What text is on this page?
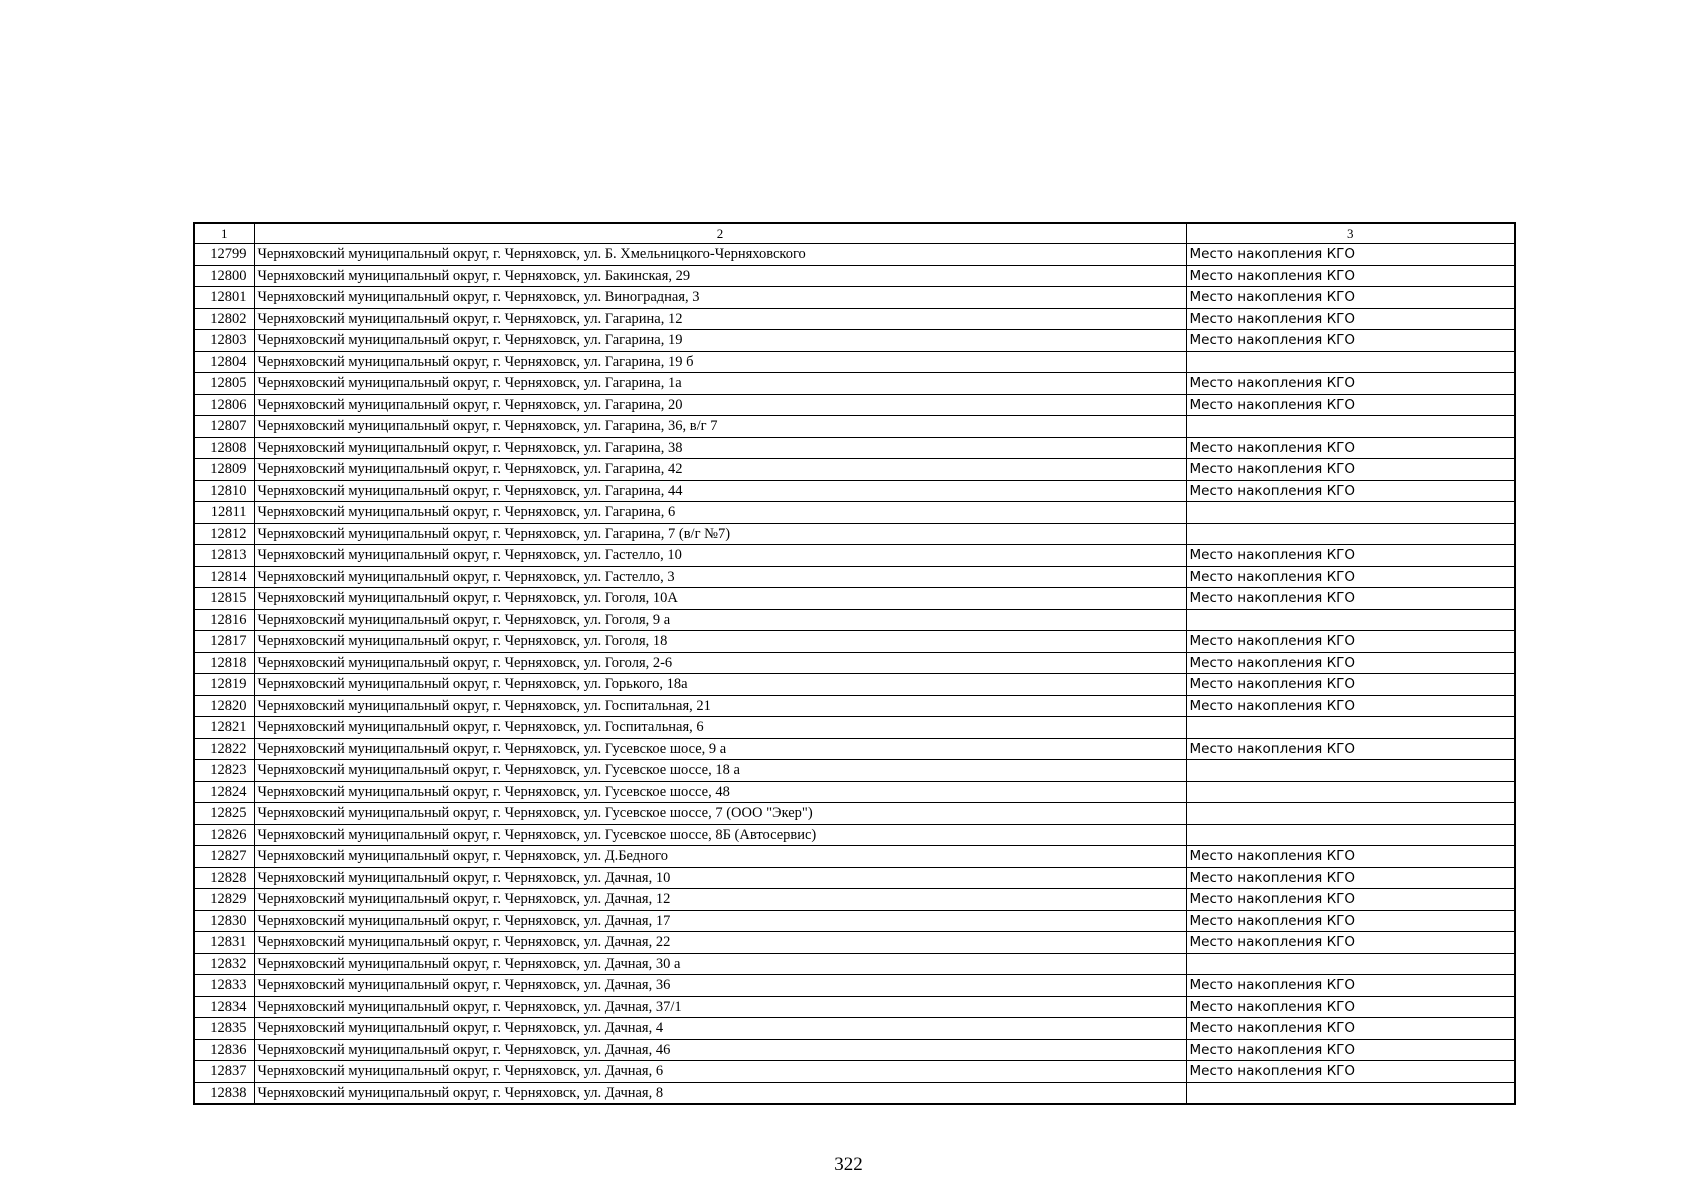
1	2	3
12799	Черняховский муниципальный округ, г. Черняховск, ул. Б. Хмельницкого-Черняховского	Место накопления КГО
12800	Черняховский муниципальный округ, г. Черняховск, ул. Бакинская, 29	Место накопления КГО
12801	Черняховский муниципальный округ, г. Черняховск, ул. Виноградная, 3	Место накопления КГО
12802	Черняховский муниципальный округ, г. Черняховск, ул. Гагарина, 12	Место накопления КГО
12803	Черняховский муниципальный округ, г. Черняховск, ул. Гагарина, 19	Место накопления КГО
12804	Черняховский муниципальный округ, г. Черняховск, ул. Гагарина, 19 б	
12805	Черняховский муниципальный округ, г. Черняховск, ул. Гагарина, 1а	Место накопления КГО
12806	Черняховский муниципальный округ, г. Черняховск, ул. Гагарина, 20	Место накопления КГО
12807	Черняховский муниципальный округ, г. Черняховск, ул. Гагарина, 36, в/г 7	
12808	Черняховский муниципальный округ, г. Черняховск, ул. Гагарина, 38	Место накопления КГО
12809	Черняховский муниципальный округ, г. Черняховск, ул. Гагарина, 42	Место накопления КГО
12810	Черняховский муниципальный округ, г. Черняховск, ул. Гагарина, 44	Место накопления КГО
12811	Черняховский муниципальный округ, г. Черняховск, ул. Гагарина, 6	
12812	Черняховский муниципальный округ, г. Черняховск, ул. Гагарина, 7 (в/г №7)	
12813	Черняховский муниципальный округ, г. Черняховск, ул. Гастелло, 10	Место накопления КГО
12814	Черняховский муниципальный округ, г. Черняховск, ул. Гастелло, 3	Место накопления КГО
12815	Черняховский муниципальный округ, г. Черняховск, ул. Гоголя, 10А	Место накопления КГО
12816	Черняховский муниципальный округ, г. Черняховск, ул. Гоголя, 9 а	
12817	Черняховский муниципальный округ, г. Черняховск, ул. Гоголя, 18	Место накопления КГО
12818	Черняховский муниципальный округ, г. Черняховск, ул. Гоголя, 2-6	Место накопления КГО
12819	Черняховский муниципальный округ, г. Черняховск, ул. Горького, 18а	Место накопления КГО
12820	Черняховский муниципальный округ, г. Черняховск, ул. Госпитальная, 21	Место накопления КГО
12821	Черняховский муниципальный округ, г. Черняховск, ул. Госпитальная, 6	
12822	Черняховский муниципальный округ, г. Черняховск, ул. Гусевское шосе, 9 а	Место накопления КГО
12823	Черняховский муниципальный округ, г. Черняховск, ул. Гусевское шоссе, 18 а	
12824	Черняховский муниципальный округ, г. Черняховск, ул. Гусевское шоссе, 48	
12825	Черняховский муниципальный округ, г. Черняховск, ул. Гусевское шоссе, 7 (ООО "Экер")	
12826	Черняховский муниципальный округ, г. Черняховск, ул. Гусевское шоссе, 8Б (Автосервис)	
12827	Черняховский муниципальный округ, г. Черняховск, ул. Д.Бедного	Место накопления КГО
12828	Черняховский муниципальный округ, г. Черняховск, ул. Дачная, 10	Место накопления КГО
12829	Черняховский муниципальный округ, г. Черняховск, ул. Дачная, 12	Место накопления КГО
12830	Черняховский муниципальный округ, г. Черняховск, ул. Дачная, 17	Место накопления КГО
12831	Черняховский муниципальный округ, г. Черняховск, ул. Дачная, 22	Место накопления КГО
12832	Черняховский муниципальный округ, г. Черняховск, ул. Дачная, 30 а	
12833	Черняховский муниципальный округ, г. Черняховск, ул. Дачная, 36	Место накопления КГО
12834	Черняховский муниципальный округ, г. Черняховск, ул. Дачная, 37/1	Место накопления КГО
12835	Черняховский муниципальный округ, г. Черняховск, ул. Дачная, 4	Место накопления КГО
12836	Черняховский муниципальный округ, г. Черняховск, ул. Дачная, 46	Место накопления КГО
12837	Черняховский муниципальный округ, г. Черняховск, ул. Дачная, 6	Место накопления КГО
12838	Черняховский муниципальный округ, г. Черняховск, ул. Дачная, 8	
322
